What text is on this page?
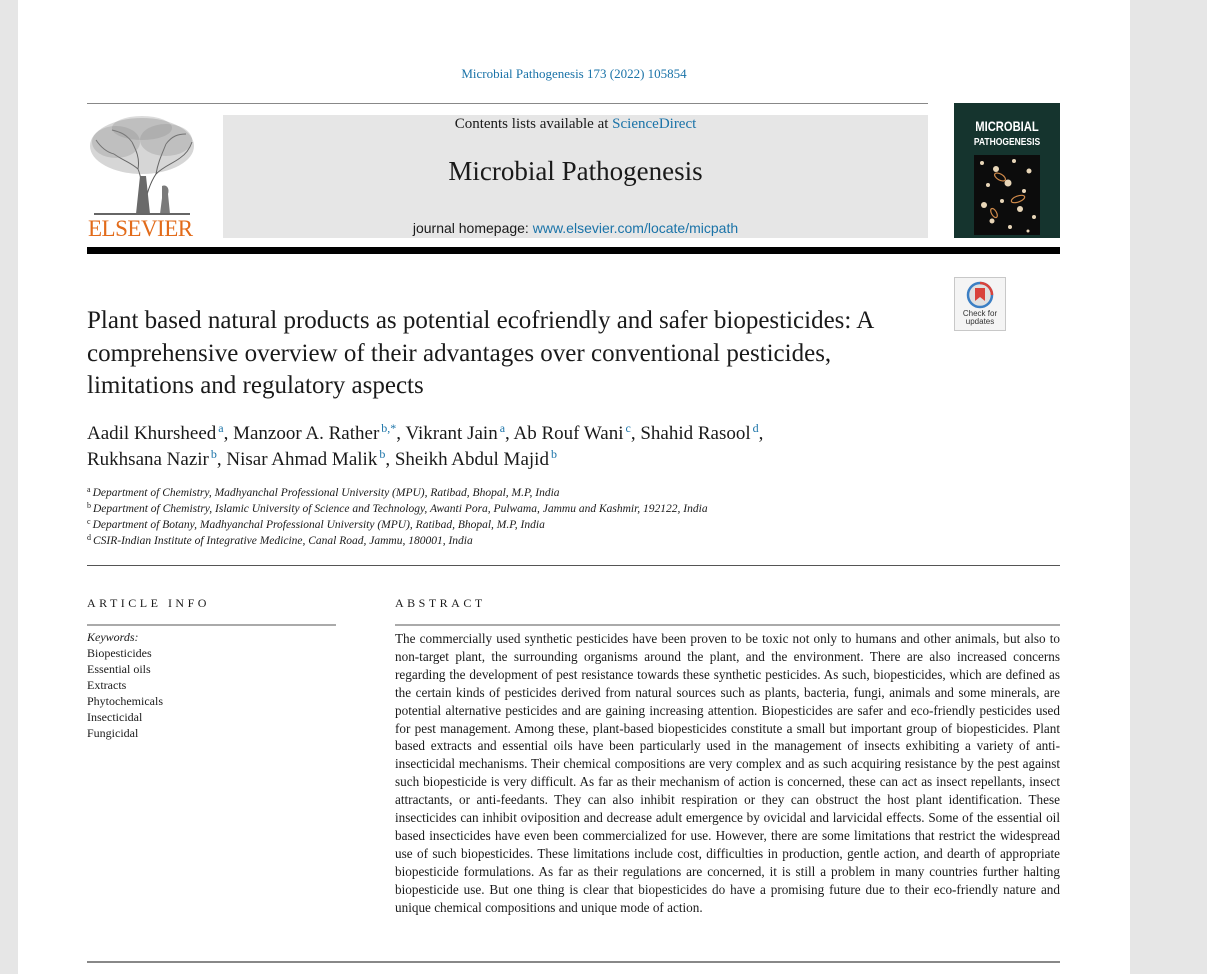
Microbial Pathogenesis 173 (2022) 105854
ELSEVIER
Contents lists available at ScienceDirect
Microbial Pathogenesis
journal homepage: www.elsevier.com/locate/micpath
MICROBIAL
PATHOGENESIS
Check for updates
Plant based natural products as potential ecofriendly and safer biopesticides: A comprehensive overview of their advantages over conventional pesticides, limitations and regulatory aspects
Aadil Khursheed $^a$, Manzoor A. Rather $^{b,*}$, Vikrant Jain $^a$, Ab Rouf Wani $^c$, Shahid Rasool $^d$,
Rukhsana Nazir $^b$, Nisar Ahmad Malik $^b$, Sheikh Abdul Majid $^b$
$^a$ Department of Chemistry, Madhyanchal Professional University (MPU), Ratibad, Bhopal, M.P, India
$^b$ Department of Chemistry, Islamic University of Science and Technology, Awanti Pora, Pulwama, Jammu and Kashmir, 192122, India
$^c$ Department of Botany, Madhyanchal Professional University (MPU), Ratibad, Bhopal, M.P, India
$^d$ CSIR-Indian Institute of Integrative Medicine, Canal Road, Jammu, 180001, India
ARTICLE INFO	ABSTRACT
Keywords:
Biopesticides
Essential oils
Extracts
Phytochemicals
Insecticidal
Fungicidal
The commercially used synthetic pesticides have been proven to be toxic not only to humans and other animals, but also to non-target plant, the surrounding organisms around the plant, and the environment. There are also increased concerns regarding the development of pest resistance towards these synthetic pesticides. As such, biopesticides, which are defined as the certain kinds of pesticides derived from natural sources such as plants, bacteria, fungi, animals and some minerals, are potential alternative pesticides and are gaining increasing attention. Biopesticides are safer and eco-friendly pesticides used for pest management. Among these, plant-based biopesticides constitute a small but important group of biopesticides. Plant based extracts and essential oils have been particularly used in the management of insects exhibiting a variety of anti-insecticidal mechanisms. Their chemical compositions are very complex and as such acquiring resistance by the pest against such biopesticide is very difficult. As far as their mechanism of action is concerned, these can act as insect repellants, insect attractants, or anti-feedants. They can also inhibit respiration or they can obstruct the host plant identification. These insecticides can inhibit oviposition and decrease adult emergence by ovicidal and larvicidal effects. Some of the essential oil based insecticides have even been commercialized for use. However, there are some limitations that restrict the widespread use of such biopesticides. These limitations include cost, difficulties in production, gentle action, and dearth of appropriate biopesticide formulations. As far as their regulations are concerned, it is still a problem in many countries further halting biopesticide use. But one thing is clear that biopesticides do have a promising future due to their eco-friendly nature and unique chemical compositions and unique mode of action.
